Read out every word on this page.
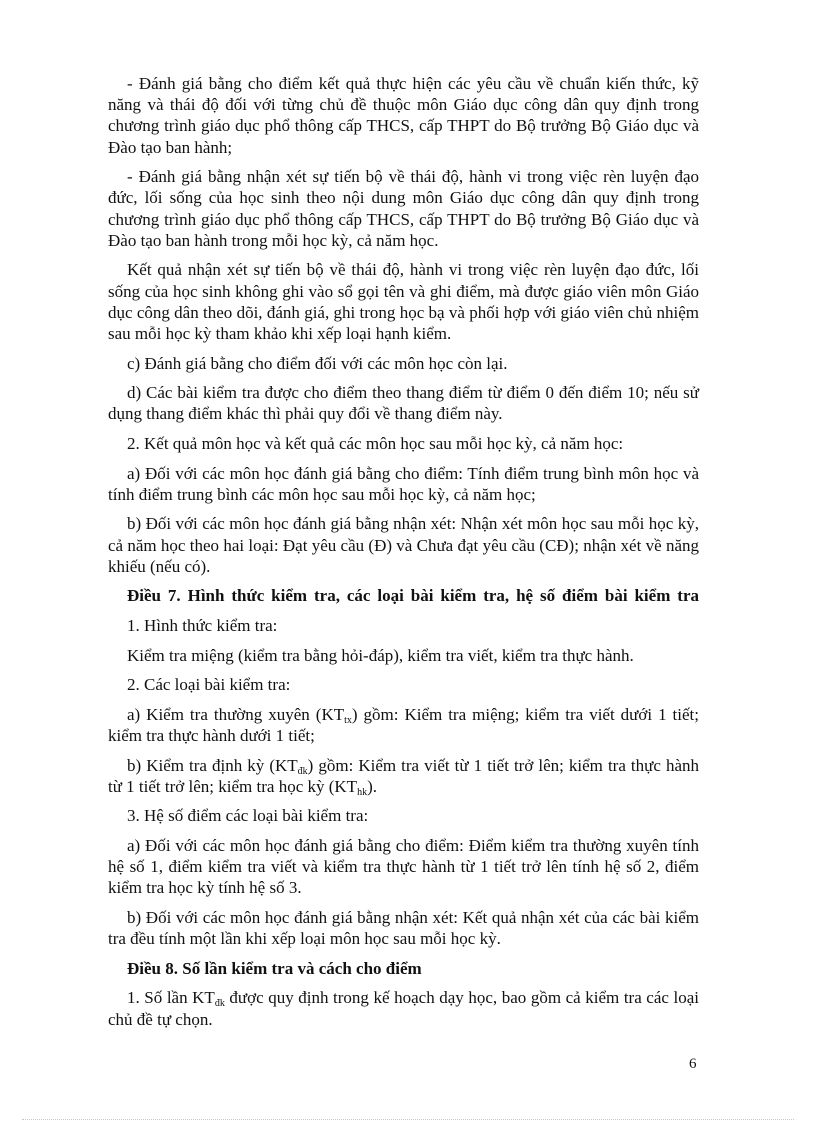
- Đánh giá bằng cho điểm kết quả thực hiện các yêu cầu về chuẩn kiến thức, kỹ năng và thái độ đối với từng chủ đề thuộc môn Giáo dục công dân quy định trong chương trình giáo dục phổ thông cấp THCS, cấp THPT do Bộ trưởng Bộ Giáo dục và Đào tạo ban hành;

- Đánh giá bằng nhận xét sự tiến bộ về thái độ, hành vi trong việc rèn luyện đạo đức, lối sống của học sinh theo nội dung môn Giáo dục công dân quy định trong chương trình giáo dục phổ thông cấp THCS, cấp THPT do Bộ trưởng Bộ Giáo dục và Đào tạo ban hành trong mỗi học kỳ, cả năm học.

Kết quả nhận xét sự tiến bộ về thái độ, hành vi trong việc rèn luyện đạo đức, lối sống của học sinh không ghi vào sổ gọi tên và ghi điểm, mà được giáo viên môn Giáo dục công dân theo dõi, đánh giá, ghi trong học bạ và phối hợp với giáo viên chủ nhiệm sau mỗi học kỳ tham khảo khi xếp loại hạnh kiểm.

c) Đánh giá bằng cho điểm đối với các môn học còn lại.

d) Các bài kiểm tra được cho điểm theo thang điểm từ điểm 0 đến điểm 10; nếu sử dụng thang điểm khác thì phải quy đổi về thang điểm này.

2. Kết quả môn học và kết quả các môn học sau mỗi học kỳ, cả năm học:

a) Đối với các môn học đánh giá bằng cho điểm: Tính điểm trung bình môn học và tính điểm trung bình các môn học sau mỗi học kỳ, cả năm học;

b) Đối với các môn học đánh giá bằng nhận xét: Nhận xét môn học sau mỗi học kỳ, cả năm học theo hai loại: Đạt yêu cầu (Đ) và Chưa đạt yêu cầu (CĐ); nhận xét về năng khiếu (nếu có).

Điều 7. Hình thức kiểm tra, các loại bài kiểm tra, hệ số điểm bài kiểm tra

1. Hình thức kiểm tra:

Kiểm tra miệng (kiểm tra bằng hỏi-đáp), kiểm tra viết, kiểm tra thực hành.

2. Các loại bài kiểm tra:

a) Kiểm tra thường xuyên $(KT_{tx})$ gồm: Kiểm tra miệng; kiểm tra viết dưới 1 tiết; kiểm tra thực hành dưới 1 tiết;

b) Kiểm tra định kỳ $(KT_{đk})$ gồm: Kiểm tra viết từ 1 tiết trở lên; kiểm tra thực hành từ 1 tiết trở lên; kiểm tra học kỳ $(KT_{hk})$.

3. Hệ số điểm các loại bài kiểm tra:

a) Đối với các môn học đánh giá bằng cho điểm: Điểm kiểm tra thường xuyên tính hệ số 1, điểm kiểm tra viết và kiểm tra thực hành từ 1 tiết trở lên tính hệ số 2, điểm kiểm tra học kỳ tính hệ số 3.

b) Đối với các môn học đánh giá bằng nhận xét: Kết quả nhận xét của các bài kiểm tra đều tính một lần khi xếp loại môn học sau mỗi học kỳ.

Điều 8. Số lần kiểm tra và cách cho điểm

1. Số lần $KT_{đk}$ được quy định trong kế hoạch dạy học, bao gồm cả kiểm tra các loại chủ đề tự chọn.

6
